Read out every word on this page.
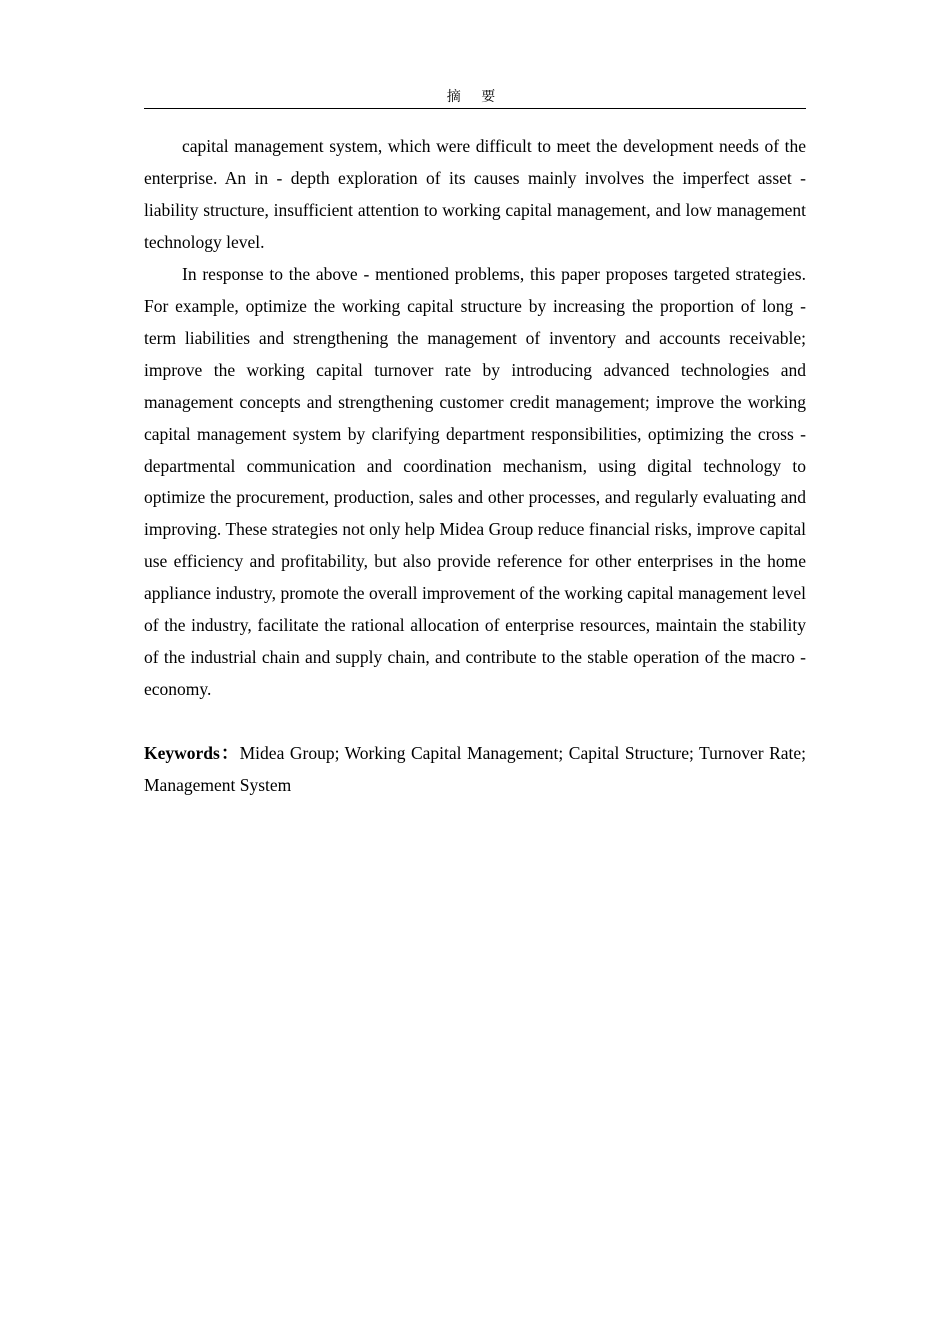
摘 要

capital management system, which were difficult to meet the development needs of the enterprise. An in - depth exploration of its causes mainly involves the imperfect asset - liability structure, insufficient attention to working capital management, and low management technology level.

In response to the above - mentioned problems, this paper proposes targeted strategies. For example, optimize the working capital structure by increasing the proportion of long - term liabilities and strengthening the management of inventory and accounts receivable; improve the working capital turnover rate by introducing advanced technologies and management concepts and strengthening customer credit management; improve the working capital management system by clarifying department responsibilities, optimizing the cross - departmental communication and coordination mechanism, using digital technology to optimize the procurement, production, sales and other processes, and regularly evaluating and improving. These strategies not only help Midea Group reduce financial risks, improve capital use efficiency and profitability, but also provide reference for other enterprises in the home appliance industry, promote the overall improvement of the working capital management level of the industry, facilitate the rational allocation of enterprise resources, maintain the stability of the industrial chain and supply chain, and contribute to the stable operation of the macro - economy.

Keywords：Midea Group; Working Capital Management; Capital Structure; Turnover Rate; Management System
